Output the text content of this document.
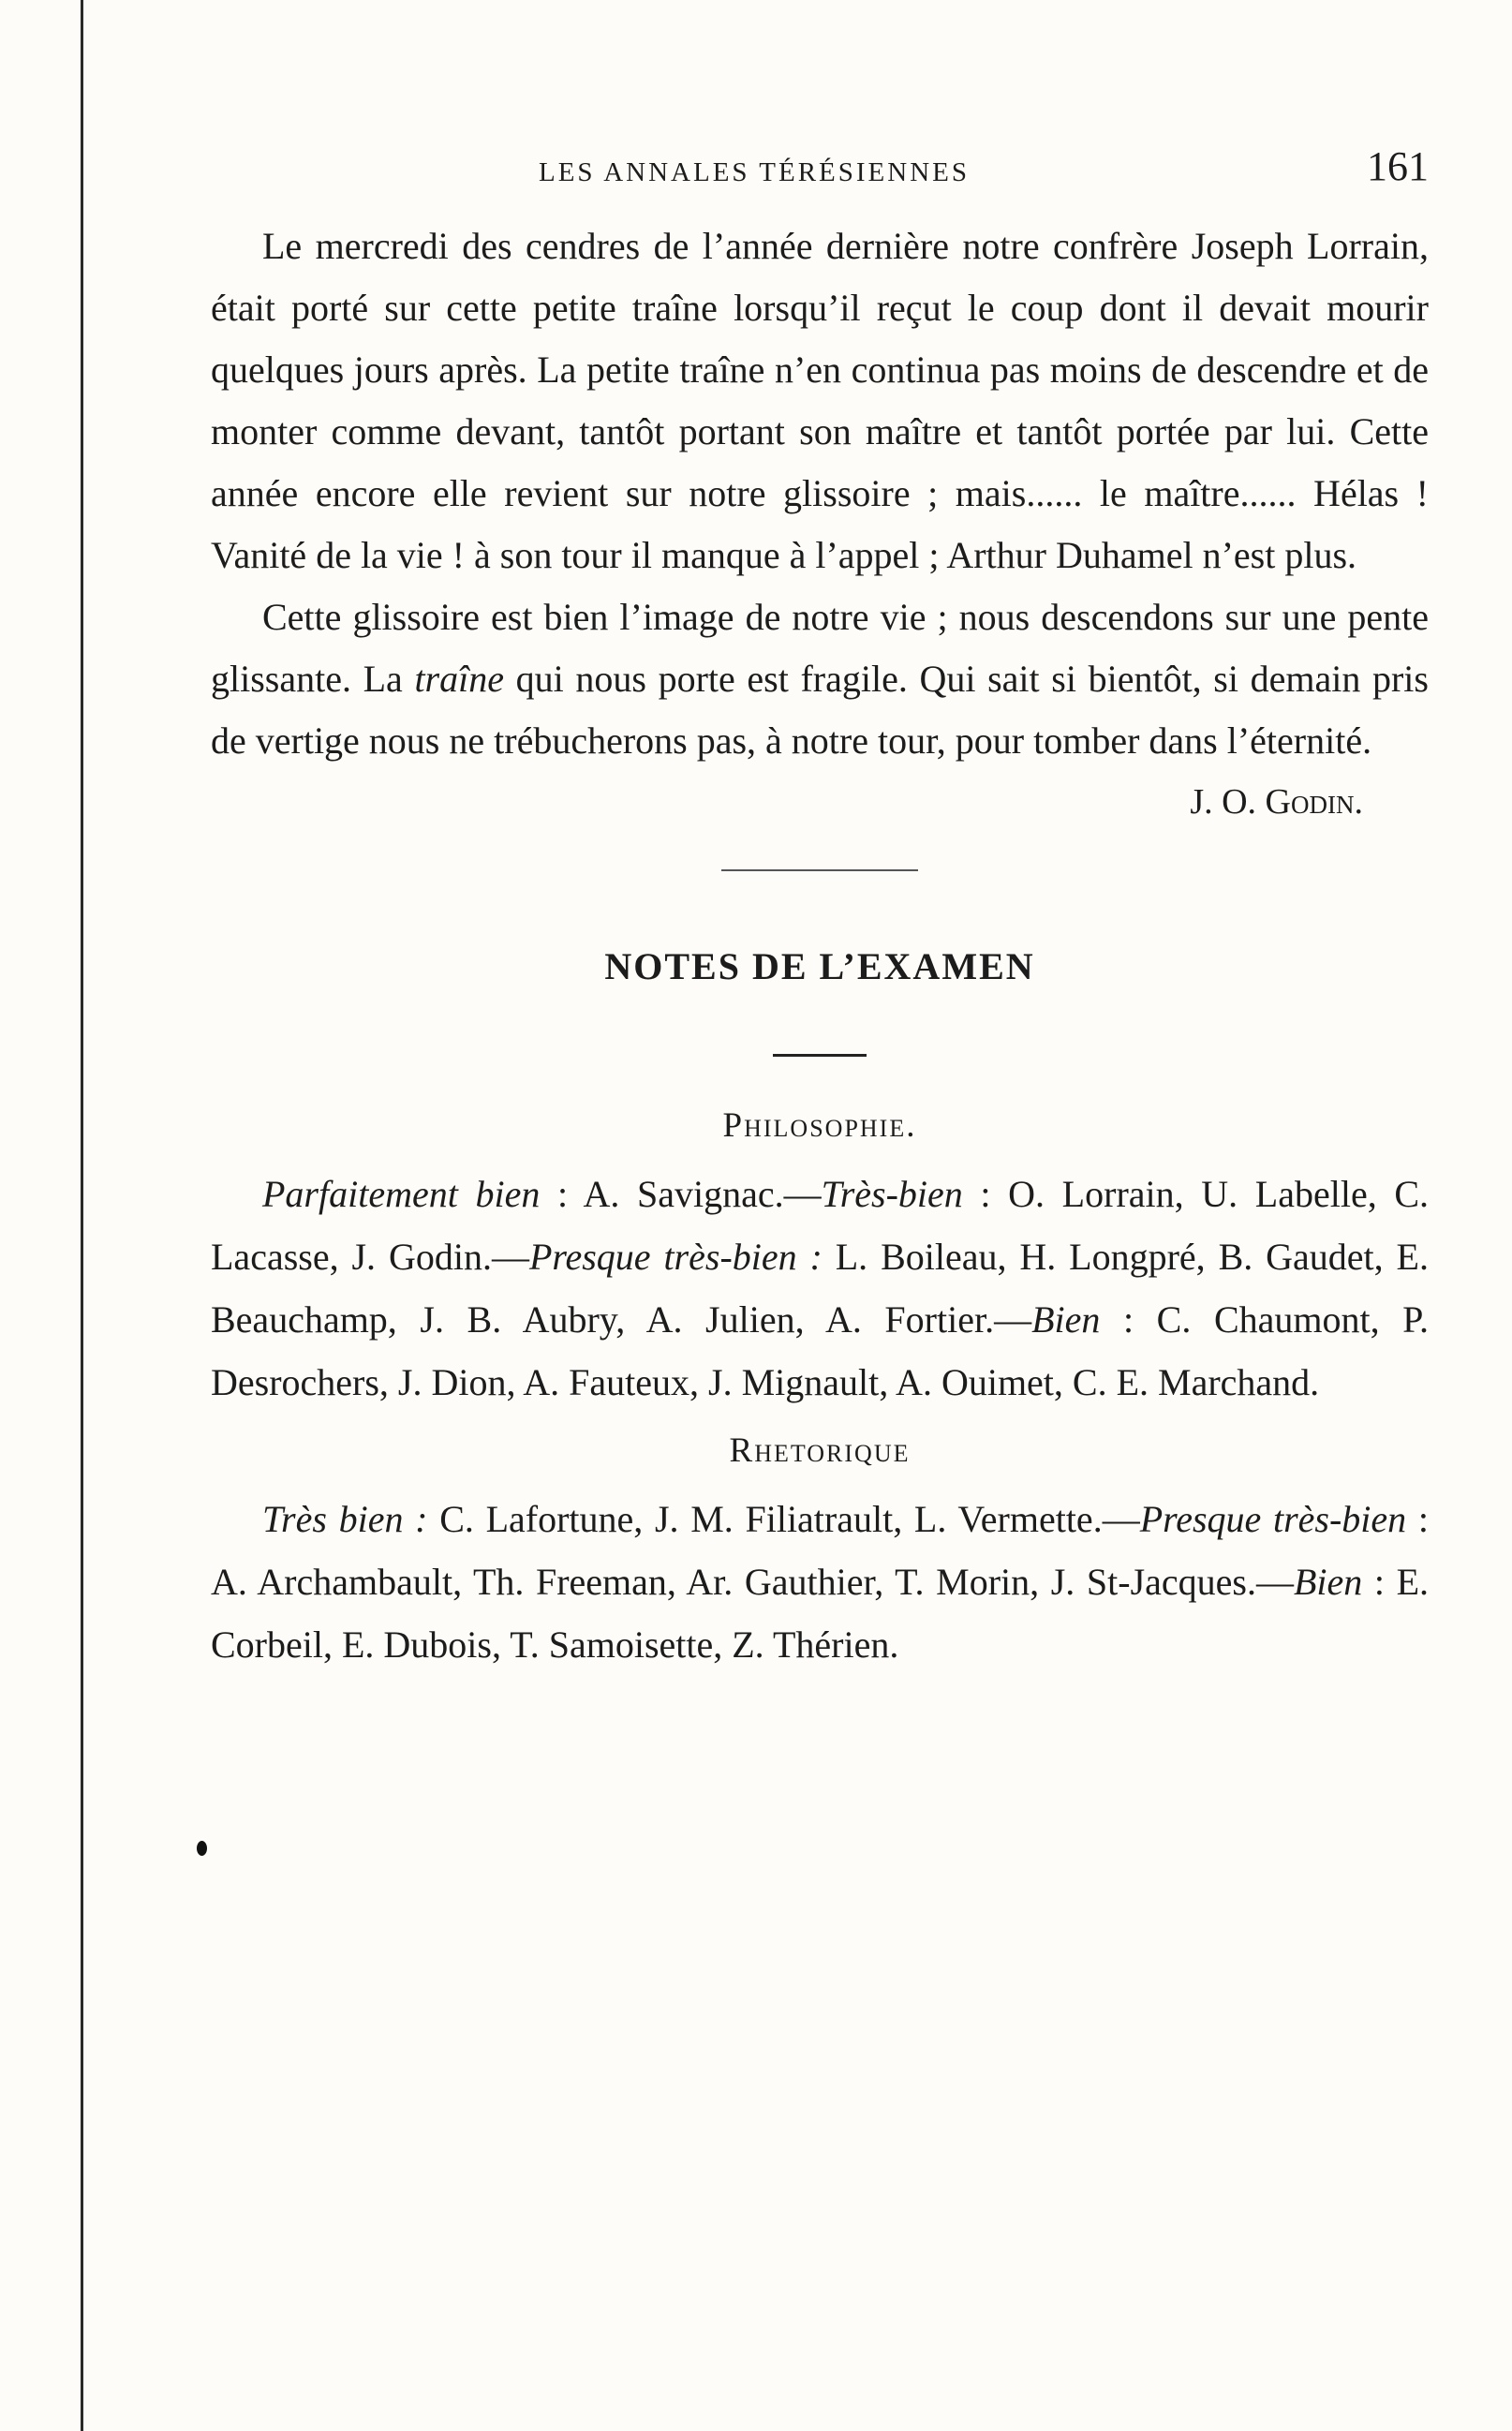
LES ANNALES TÉRÉSIENNES	161

Le mercredi des cendres de l’année dernière notre confrère Joseph Lorrain, était porté sur cette petite traîne lorsqu’il reçut le coup dont il devait mourir quelques jours après. La petite traîne n’en continua pas moins de descendre et de monter comme devant, tantôt portant son maître et tantôt portée par lui. Cette année encore elle revient sur notre glissoire ; mais...... le maître...... Hélas ! Vanité de la vie ! à son tour il manque à l’appel ; Arthur Duhamel n’est plus.

Cette glissoire est bien l’image de notre vie ; nous descendons sur une pente glissante. La traîne qui nous porte est fragile. Qui sait si bientôt, si demain pris de vertige nous ne trébucherons pas, à notre tour, pour tomber dans l’éternité.

J. O. Godin.

NOTES DE L’EXAMEN

Philosophie.

Parfaitement bien : A. Savignac.—Très-bien : O. Lorrain, U. Labelle, C. Lacasse, J. Godin.—Presque très-bien : L. Boileau, H. Longpré, B. Gaudet, E. Beauchamp, J. B. Aubry, A. Julien, A. Fortier.—Bien : C. Chaumont, P. Desrochers, J. Dion, A. Fauteux, J. Mignault, A. Ouimet, C. E. Marchand.

Rhetorique

Très bien : C. Lafortune, J. M. Filiatrault, L. Vermette.—Presque très-bien : A. Archambault, Th. Freeman, Ar. Gauthier, T. Morin, J. St-Jacques.—Bien : E. Corbeil, E. Dubois, T. Samoisette, Z. Thérien.
